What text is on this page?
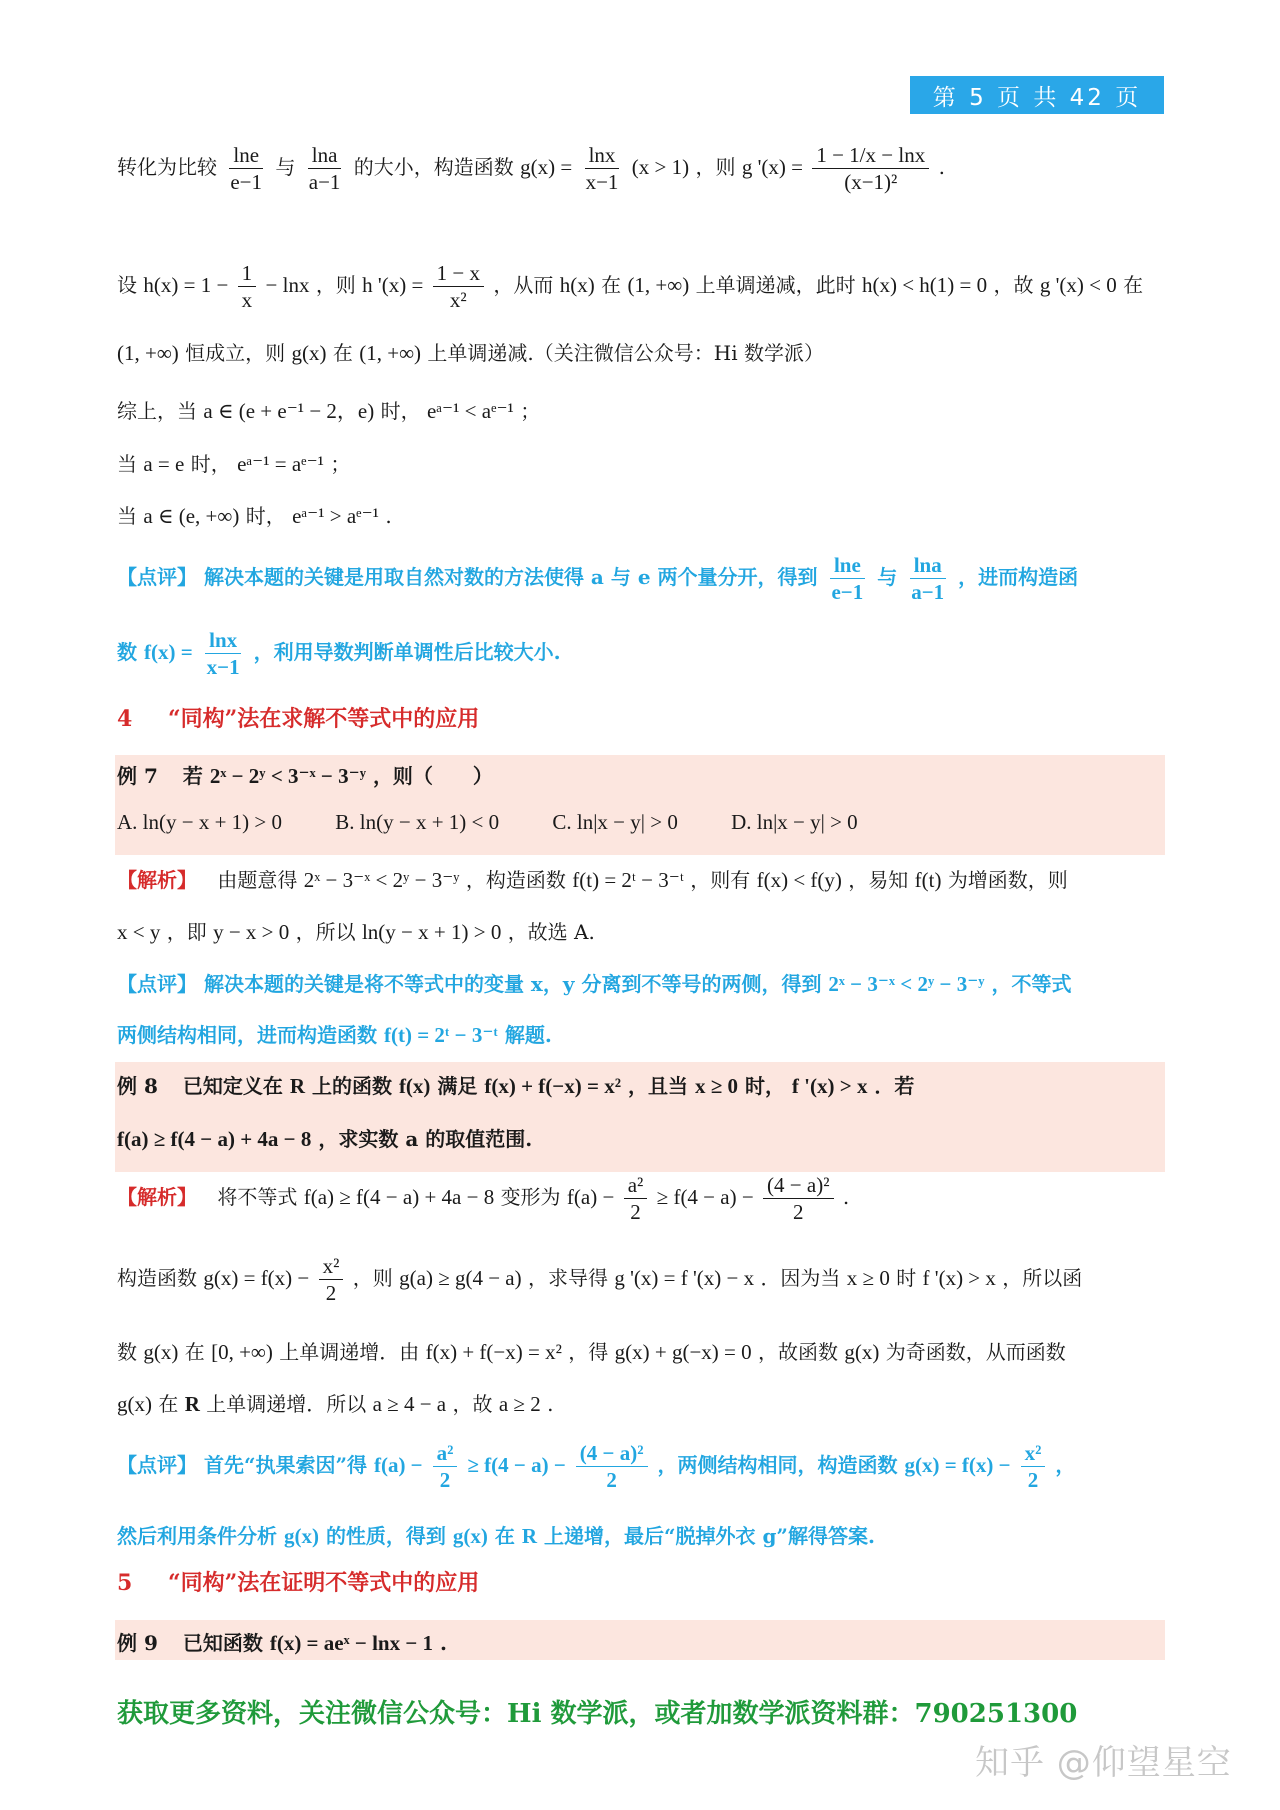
第 5 页 共 42 页
转化为比较 $\frac{\ln e}{e-1}$ 与 $\frac{\ln a}{a-1}$ 的大小，构造函数 $g(x) = \frac{\ln x}{x-1} (x > 1)$ ，则 g '$(x) = \frac{1 - 1/x - \ln x}{\text{(x−1)²}}$ .
设 $h(x) = 1 - \frac{1}{x} - \ln x$ ，则 h '$(x) = \frac{1 - x}{\text{x²}}$ ，从而 h(x) 在 (1, +∞) 上单调递减，此时 h(x) < h(1) = 0 ，故 g '(x) < 0 在
(1, +∞) 恒成立，则 g(x) 在 (1, +∞) 上单调递减.（关注微信公众号：Hi 数学派）
综上，当 a ∈ (e + e⁻¹ − 2，e) 时， eᵃ⁻¹ < aᵉ⁻¹ ；
当 a = e 时， eᵃ⁻¹ = aᵉ⁻¹ ；
当 a ∈ (e, +∞) 时， eᵃ⁻¹ > aᵉ⁻¹ .
【点评】 解决本题的关键是用取自然对数的方法使得 a 与 e 两个量分开，得到 $\frac{\ln e}{e-1}$ 与 $\frac{\ln a}{a-1}$ ，进而构造函
数 $f(x) = \frac{\ln x}{x-1}$ ，利用导数判断单调性后比较大小.
4 “同构”法在求解不等式中的应用
例 7 若 2ˣ − 2ʸ < 3⁻ˣ − 3⁻ʸ ，则（　　）
A. ln(y − x + 1) > 0	B. ln(y − x + 1) < 0	C. ln|x − y| > 0	D. ln|x − y| > 0
【解析】 由题意得 2ˣ − 3⁻ˣ < 2ʸ − 3⁻ʸ ，构造函数 f(t) = 2ᵗ − 3⁻ᵗ ，则有 f(x) < f(y) ，易知 f(t) 为增函数，则
x < y ，即 y − x > 0 ，所以 ln(y − x + 1) > 0 ，故选 A.
【点评】 解决本题的关键是将不等式中的变量 x，y 分离到不等号的两侧，得到 2ˣ − 3⁻ˣ < 2ʸ − 3⁻ʸ ，不等式
两侧结构相同，进而构造函数 f(t) = 2ᵗ − 3⁻ᵗ 解题.
例 8 已知定义在 R 上的函数 f(x) 满足 f(x) + f(−x) = x² ，且当 x ≥ 0 时， f '(x) > x ．若
f(a) ≥ f(4 − a) + 4a − 8 ，求实数 a 的取值范围.
【解析】 将不等式 f(a) ≥ f(4 − a) + 4a − 8 变形为 $f(a) - \frac{\text{a²}}{2} \ge f(4 - a) - \frac{\text{(4 − a)²}}{2}$ .
构造函数 $g(x) = f(x) - \frac{\text{x²}}{2}$ ，则 g(a) ≥ g(4 − a) ，求导得 g '(x) = f '(x) − x ．因为当 x ≥ 0 时 f '(x) > x ，所以函
数 g(x) 在 [0, +∞) 上单调递增．由 f(x) + f(−x) = x² ，得 g(x) + g(−x) = 0 ，故函数 g(x) 为奇函数，从而函数
g(x) 在 R 上单调递增．所以 a ≥ 4 − a ，故 a ≥ 2 .
【点评】 首先“执果索因”得 $f(a) - \frac{\text{a²}}{2} \ge f(4 - a) - \frac{\text{(4 − a)²}}{2}$ ，两侧结构相同，构造函数 $g(x) = f(x) - \frac{\text{x²}}{2}$ ，
然后利用条件分析 g(x) 的性质，得到 g(x) 在 R 上递增，最后“脱掉外衣 g”解得答案.
5 “同构”法在证明不等式中的应用
例 9 已知函数 f(x) = aeˣ − lnx − 1 .
获取更多资料，关注微信公众号：Hi 数学派，或者加数学派资料群：790251300
知乎 @仰望星空
